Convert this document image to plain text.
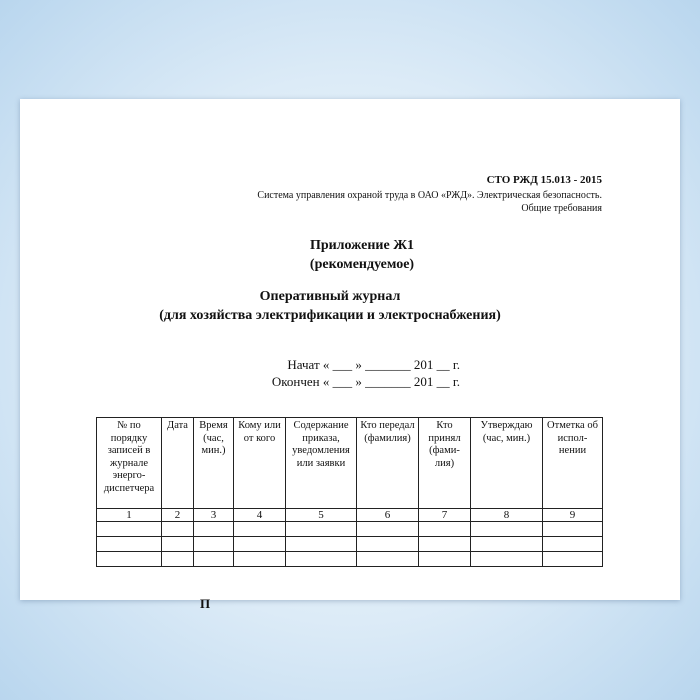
СТО РЖД 15.013 - 2015
Система управления охраной труда в ОАО «РЖД». Электрическая безопасность.
Общие требования
Приложение Ж1
(рекомендуемое)
Оперативный журнал
(для хозяйства электрификации и электроснабжения)
Начат « ___ » _______ 201 __ г.
Окончен « ___ » _______ 201 __ г.
№ по порядку записей в журнале энерго-диспетчера	Дата	Время (час, мин.)	Кому или от кого	Содержание приказа, уведомления или заявки	Кто передал (фамилия)	Кто принял (фами-лия)	Утверждаю (час, мин.)	Отметка об испол-нении
1	2	3	4	5	6	7	8	9

П
